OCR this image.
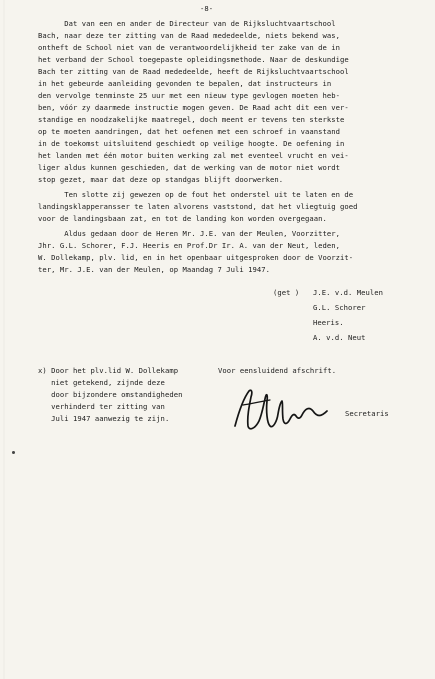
-8-
Dat van een en ander de Directeur van de Rijksluchtvaartschool
Bach, naar deze ter zitting van de Raad mededeelde, niets bekend was,
ontheft de School niet van de verantwoordelijkheid ter zake van de in
het verband der School toegepaste opleidingsmethode. Naar de deskundige
Bach ter zitting van de Raad mededeelde, heeft de Rijksluchtvaartschool
in het gebeurde aanleiding gevonden te bepalen, dat instructeurs in
den vervolge tenminste 25 uur met een nieuw type gevlogen moeten heb-
ben, vóór zy daarmede instructie mogen geven. De Raad acht dit een ver-
standige en noodzakelijke maatregel, doch meent er tevens ten sterkste
op te moeten aandringen, dat het oefenen met een schroef in vaanstand
in de toekomst uitsluitend geschiedt op veilige hoogte. De oefening in
het landen met één motor buiten werking zal met eventeel vrucht en vei-
liger aldus kunnen geschieden, dat de werking van de motor niet wordt
stop gezet, maar dat deze op standgas blijft doorwerken.
Ten slotte zij gewezen op de fout het onderstel uit te laten en de
landingsklapperansser te laten alvorens vaststond, dat het vliegtuig goed
voor de landingsbaan zat, en tot de landing kon worden overgegaan.
Aldus gedaan door de Heren Mr. J.E. van der Meulen, Voorzitter,
Jhr. G.L. Schorer, F.J. Heeris en Prof.Dr Ir. A. van der Neut, leden,
W. Dollekamp, plv. lid, en in het openbaar uitgesproken door de Voorzit-
ter, Mr. J.E. van der Meulen, op Maandag 7 Juli 1947.
(get ) J.E. v.d. Meulen
G.L. Schorer
Heeris.
A. v.d. Neut
x) Door het plv.lid W. Dollekamp
niet getekend, zijnde deze
door bijzondere omstandigheden
verhinderd ter zitting van
Juli 1947 aanwezig te zijn.
Voor eensluidend afschrift.
Secretaris
